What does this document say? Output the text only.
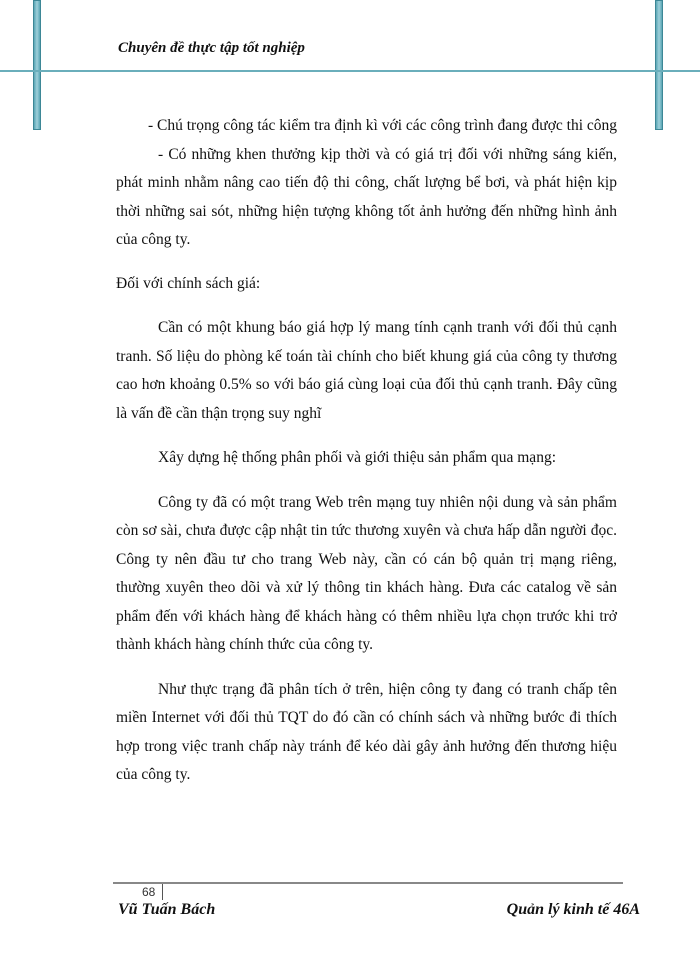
Chuyên đề thực tập tốt nghiệp

- Chú trọng công tác kiểm tra định kì với các công trình đang được thi công

- Có những khen thưởng kịp thời và có giá trị đối với những sáng kiến, phát minh nhằm nâng cao tiến độ thi công, chất lượng bể bơi, và phát hiện kịp thời những sai sót, những hiện tượng không tốt ảnh hưởng đến những hình ảnh của công ty.

Đối với chính sách giá:

Cần có một khung báo giá hợp lý mang tính cạnh tranh với đối thủ cạnh tranh. Số liệu do phòng kế toán tài chính cho biết khung giá của công ty thương cao hơn khoảng 0.5% so với báo giá cùng loại của đối thủ cạnh tranh. Đây cũng là vấn đề cần thận trọng suy nghĩ

Xây dựng hệ thống phân phối và giới thiệu sản phẩm qua mạng:

Công ty đã có một trang Web trên mạng tuy nhiên nội dung và sản phẩm còn sơ sài, chưa được cập nhật tin tức thương xuyên và chưa hấp dẫn người đọc. Công ty nên đầu tư cho trang Web này, cần có cán bộ quản trị mạng riêng, thường xuyên theo dõi và xử lý thông tin khách hàng. Đưa các catalog về sản phẩm đến với khách hàng để khách hàng có thêm nhiều lựa chọn trước khi trở thành khách hàng chính thức của công ty.

Như thực trạng đã phân tích ở trên, hiện công ty đang có tranh chấp tên miền Internet với đối thủ TQT do đó cần có chính sách và những bước đi thích hợp trong việc tranh chấp này tránh để kéo dài gây ảnh hưởng đến thương hiệu của công ty.

68
Vũ Tuấn Bách	Quản lý kinh tế 46A
